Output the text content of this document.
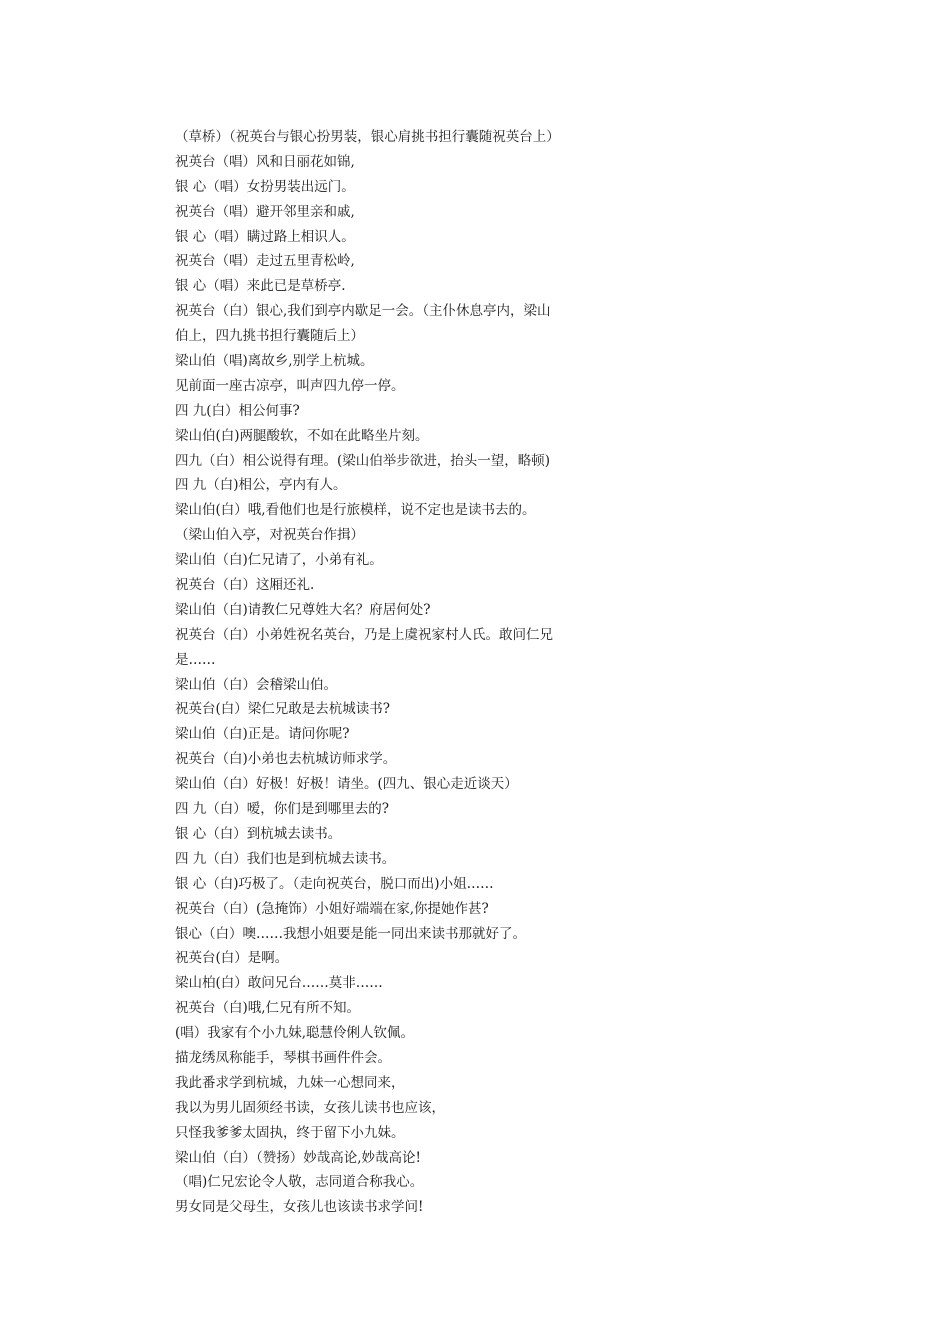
（草桥）（祝英台与银心扮男装，银心肩挑书担行囊随祝英台上）
祝英台（唱）风和日丽花如锦,
银 心（唱）女扮男装出远门。
祝英台（唱）避开邻里亲和戚,
银 心（唱）瞒过路上相识人。
祝英台（唱）走过五里青松岭,
银 心（唱）来此已是草桥亭.
祝英台（白）银心,我们到亭内歇足一会。（主仆休息亭内，梁山
伯上，四九挑书担行囊随后上）
梁山伯（唱)离故乡,别学上杭城。
见前面一座古凉亭，叫声四九停一停。
四 九(白）相公何事?
梁山伯(白)两腿酸软，不如在此略坐片刻。
四九（白）相公说得有理。(梁山伯举步欲进，抬头一望，略顿)
四 九（白)相公，亭内有人。
梁山伯(白）哦,看他们也是行旅模样，说不定也是读书去的。
（梁山伯入亭，对祝英台作揖）
梁山伯（白)仁兄请了，小弟有礼。
祝英台（白）这厢还礼.
梁山伯（白)请教仁兄尊姓大名？府居何处?
祝英台（白）小弟姓祝名英台，乃是上虞祝家村人氏。敢问仁兄
是……
梁山伯（白）会稽梁山伯。
祝英台(白）梁仁兄敢是去杭城读书?
梁山伯（白)正是。请问你呢?
祝英台（白)小弟也去杭城访师求学。
梁山伯（白）好极！好极！请坐。(四九、银心走近谈天）
四 九（白）嗳，你们是到哪里去的?
银 心（白）到杭城去读书。
四 九（白）我们也是到杭城去读书。
银 心（白)巧极了。（走向祝英台，脱口而出)小姐……
祝英台（白）(急掩饰）小姐好端端在家,你提她作甚?
银心（白）噢……我想小姐要是能一同出来读书那就好了。
祝英台(白）是啊。
梁山柏(白）敢问兄台……莫非……
祝英台（白)哦,仁兄有所不知。
(唱）我家有个小九妹,聪慧伶俐人钦佩。
描龙绣凤称能手，琴棋书画件件会。
我此番求学到杭城，九妹一心想同来，
我以为男儿固须经书读，女孩儿读书也应该，
只怪我爹爹太固执，终于留下小九妹。
梁山伯（白）（赞扬）妙哉高论,妙哉高论!
（唱)仁兄宏论令人敬，志同道合称我心。
男女同是父母生，女孩儿也该读书求学问!
